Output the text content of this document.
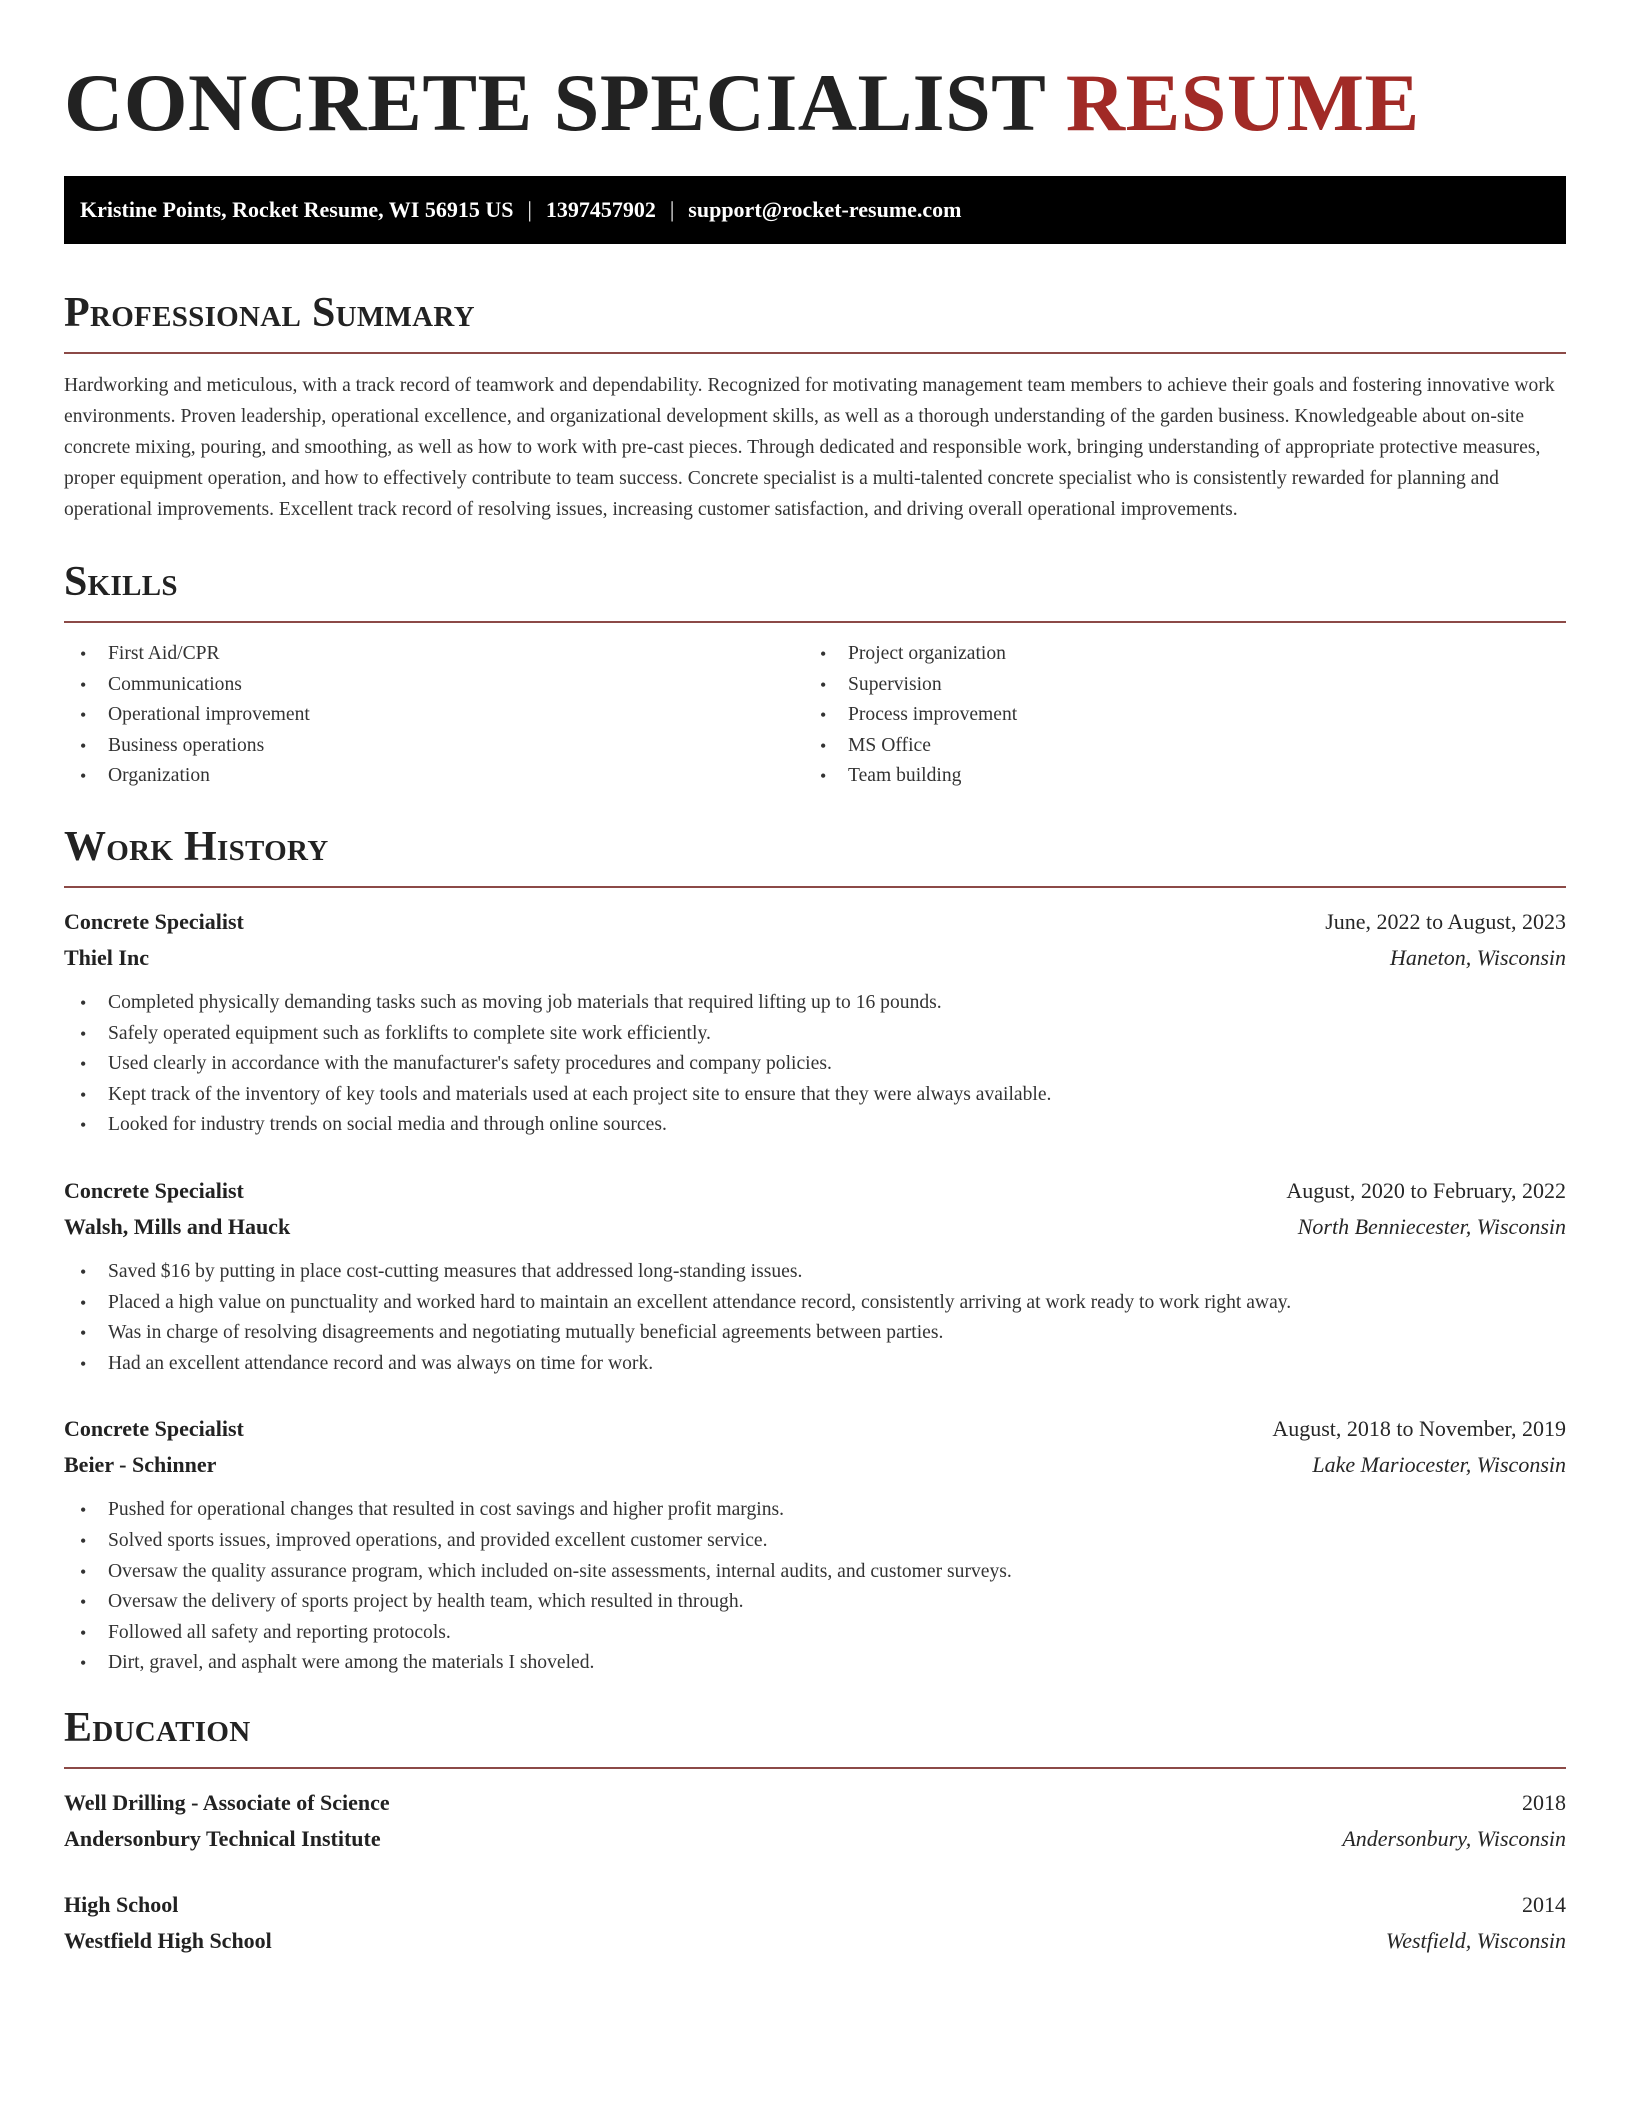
CONCRETE SPECIALIST RESUME
Kristine Points, Rocket Resume, WI 56915 US | 1397457902 | support@rocket-resume.com
Professional Summary

Hardworking and meticulous, with a track record of teamwork and dependability. Recognized for motivating management team members to achieve their goals and fostering innovative work environments. Proven leadership, operational excellence, and organizational development skills, as well as a thorough understanding of the garden business. Knowledgeable about on-site concrete mixing, pouring, and smoothing, as well as how to work with pre-cast pieces. Through dedicated and responsible work, bringing understanding of appropriate protective measures, proper equipment operation, and how to effectively contribute to team success. Concrete specialist is a multi-talented concrete specialist who is consistently rewarded for planning and operational improvements. Excellent track record of resolving issues, increasing customer satisfaction, and driving overall operational improvements.

Skills
• First Aid/CPR
• Communications
• Operational improvement
• Business operations
• Organization
• Project organization
• Supervision
• Process improvement
• MS Office
• Team building
Work History
Concrete Specialist	June, 2022 to August, 2023
Thiel Inc	Haneton, Wisconsin
• Completed physically demanding tasks such as moving job materials that required lifting up to 16 pounds.
• Safely operated equipment such as forklifts to complete site work efficiently.
• Used clearly in accordance with the manufacturer's safety procedures and company policies.
• Kept track of the inventory of key tools and materials used at each project site to ensure that they were always available.
• Looked for industry trends on social media and through online sources.
Concrete Specialist	August, 2020 to February, 2022
Walsh, Mills and Hauck	North Benniecester, Wisconsin
• Saved $16 by putting in place cost-cutting measures that addressed long-standing issues.
• Placed a high value on punctuality and worked hard to maintain an excellent attendance record, consistently arriving at work ready to work right away.
• Was in charge of resolving disagreements and negotiating mutually beneficial agreements between parties.
• Had an excellent attendance record and was always on time for work.
Concrete Specialist	August, 2018 to November, 2019
Beier - Schinner	Lake Mariocester, Wisconsin
• Pushed for operational changes that resulted in cost savings and higher profit margins.
• Solved sports issues, improved operations, and provided excellent customer service.
• Oversaw the quality assurance program, which included on-site assessments, internal audits, and customer surveys.
• Oversaw the delivery of sports project by health team, which resulted in through.
• Followed all safety and reporting protocols.
• Dirt, gravel, and asphalt were among the materials I shoveled.
Education
Well Drilling - Associate of Science	2018
Andersonbury Technical Institute	Andersonbury, Wisconsin
High School	2014
Westfield High School	Westfield, Wisconsin
